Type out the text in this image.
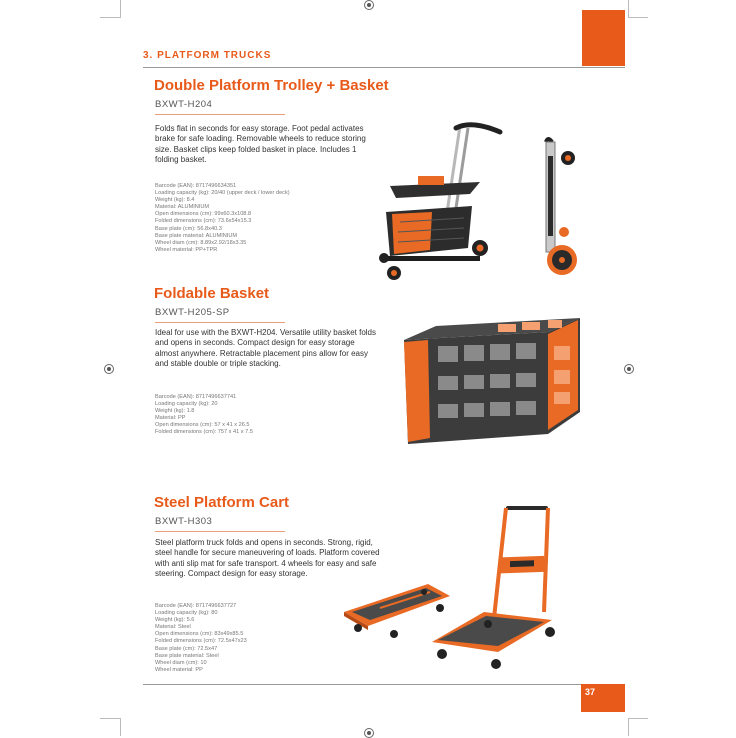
3. PLATFORM TRUCKS
Double Platform Trolley + Basket
BXWT-H204
Folds flat in seconds for easy storage. Foot pedal activates brake for safe loading. Removable wheels to reduce storing size. Basket clips keep folded basket in place. Includes 1 folding basket.
Barcode (EAN): 8717496634351
Loading capacity (kg): 20/40 (upper deck / lower deck)
Weight (kg): 8.4
Material: ALUMINIUM
Open dimensions (cm): 99x60.3x108.8
Folded dimensions (cm): 73.6x54x15.3
Base plate (cm): 56.8x40.3
Base plate material: ALUMINIUM
Wheel diam (cm): 8.89x2.92/18x3.35
Wheel material: PP+TPR
Foldable Basket
BXWT-H205-SP
Ideal for use with the BXWT-H204. Versatile utility basket folds and opens in seconds. Compact design for easy storage almost anywhere. Retractable placement pins allow for easy and stable double or triple stacking.
Barcode (EAN): 8717496637741
Loading capacity (kg): 20
Weight (kg): 1.8
Material: PP
Open dimensions (cm): 57 x 41 x 26.5
Folded dimensions (cm): 757 x 41 x 7.5
Steel Platform Cart
BXWT-H303
Steel platform truck folds and opens in seconds. Strong, rigid, steel handle for secure maneuvering of loads. Platform covered with anti slip mat for safe transport. 4 wheels for easy and safe steering. Compact design for easy storage.
Barcode (EAN): 8717496637727
Loading capacity (kg): 80
Weight (kg): 5.6
Material: Steel
Open dimensions (cm): 83x49x85.5
Folded dimensions (cm): 72.5x47x23
Base plate (cm): 72.5x47
Base plate material: Steel
Wheel diam (cm): 10
Wheel material: PP
37
